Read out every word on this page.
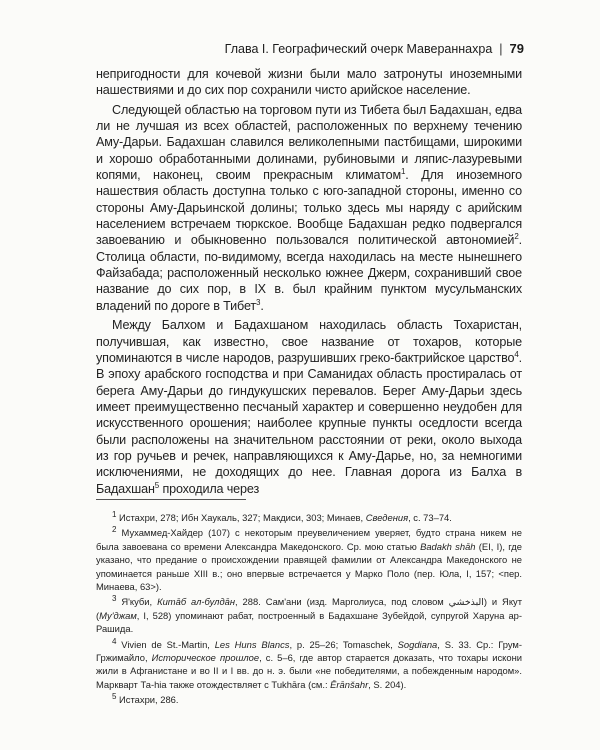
Глава I. Географический очерк Мавераннахра | 79

непригодности для кочевой жизни были мало затронуты иноземными нашествиями и до сих пор сохранили чисто арийское население.

Следующей областью на торговом пути из Тибета был Бадахшан, едва ли не лучшая из всех областей, расположенных по верхнему течению Аму-Дарьи. Бадахшан славился великолепными пастбищами, широкими и хорошо обработанными долинами, рубиновыми и ляпис-лазуревыми копями, наконец, своим прекрасным климатом$^1$. Для иноземного нашествия область доступна только с юго-западной стороны, именно со стороны Аму-Дарьинской долины; только здесь мы наряду с арийским населением встречаем тюркское. Вообще Бадахшан редко подвергался завоеванию и обыкновенно пользовался политической автономией$^2$. Столица области, по-видимому, всегда находилась на месте нынешнего Файзабада; расположенный несколько южнее Джерм, сохранивший свое название до сих пор, в IX в. был крайним пунктом мусульманских владений по дороге в Тибет$^3$.

Между Балхом и Бадахшаном находилась область Тохаристан, получившая, как известно, свое название от тохаров, которые упоминаются в числе народов, разрушивших греко-бактрийское царство$^4$. В эпоху арабского господства и при Саманидах область простиралась от берега Аму-Дарьи до гиндукушских перевалов. Берег Аму-Дарьи здесь имеет преимущественно песчаный характер и совершенно неудобен для искусственного орошения; наиболее крупные пункты оседлости всегда были расположены на значительном расстоянии от реки, около выхода из гор ручьев и речек, направляющихся к Аму-Дарье, но, за немногими исключениями, не доходящих до нее. Главная дорога из Балха в Бадахшан$^5$ проходила через

$^1$ Истахри, 278; Ибн Хаукаль, 327; Макдиси, 303; Минаев, Сведения, с. 73–74.

$^2$ Мухаммед-Хайдер (107) с некоторым преувеличением уверяет, будто страна никем не была завоевана со времени Александра Македонского. Ср. мою статью Badakh shāh (EI, I), где указано, что предание о происхождении правящей фамилии от Александра Македонского не упоминается раньше XIII в.; оно впервые встречается у Марко Поло (пер. Юла, I, 157; <пер. Минаева, 63>).

$^3$ Я'куби, Китāб ал-булдāн, 288. Сам'ани (изд. Марголиуса, под словом البذخشي) и Якут (Му'джам, I, 528) упоминают рабат, построенный в Бадахшане Зубейдой, супругой Харуна ар-Рашида.

$^4$ Vivien de St.-Martin, Les Huns Blancs, p. 25–26; Tomaschek, Sogdiana, S. 33. Ср.: Грум-Гржимайло, Историческое прошлое, с. 5–6, где автор старается доказать, что тохары искони жили в Афганистане и во II и I вв. до н. э. были «не победителями, а побежденным народом». Маркварт Та-hia также отождествляет с Tukhāra (см.: Ērānšahr, S. 204).

$^5$ Истахри, 286.
